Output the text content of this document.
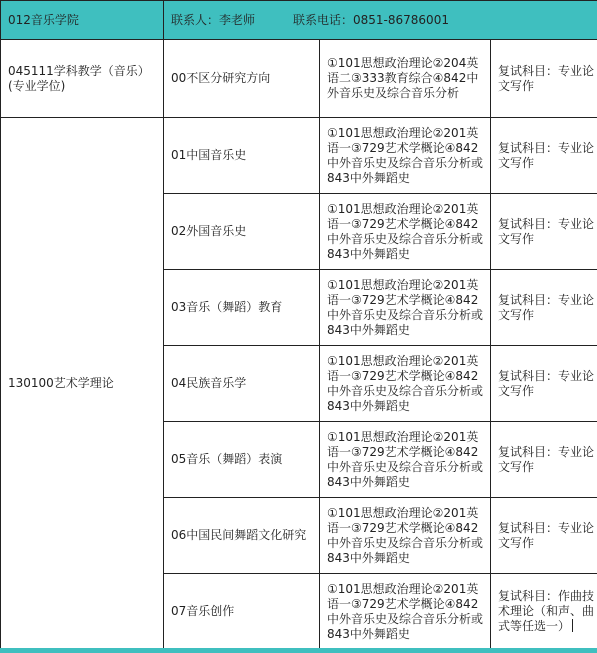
012音乐学院	联系人：李老师 联系电话：0851-86786001		
045111学科教学（音乐）(专业学位)	00不区分研究方向	①101思想政治理论②204英语二③333教育综合④842中外音乐史及综合音乐分析	复试科目：专业论文写作
130100艺术学理论	01中国音乐史	①101思想政治理论②201英语一③729艺术学概论④842中外音乐史及综合音乐分析或843中外舞蹈史	复试科目：专业论文写作
	02外国音乐史	①101思想政治理论②201英语一③729艺术学概论④842中外音乐史及综合音乐分析或843中外舞蹈史	复试科目：专业论文写作
	03音乐（舞蹈）教育	①101思想政治理论②201英语一③729艺术学概论④842中外音乐史及综合音乐分析或843中外舞蹈史	复试科目：专业论文写作
	04民族音乐学	①101思想政治理论②201英语一③729艺术学概论④842中外音乐史及综合音乐分析或843中外舞蹈史	复试科目：专业论文写作
	05音乐（舞蹈）表演	①101思想政治理论②201英语一③729艺术学概论④842中外音乐史及综合音乐分析或843中外舞蹈史	复试科目：专业论文写作
	06中国民间舞蹈文化研究	①101思想政治理论②201英语一③729艺术学概论④842中外音乐史及综合音乐分析或843中外舞蹈史	复试科目：专业论文写作
	07音乐创作	①101思想政治理论②201英语一③729艺术学概论④842中外音乐史及综合音乐分析或843中外舞蹈史	复试科目：作曲技术理论（和声、曲式等任选一）
